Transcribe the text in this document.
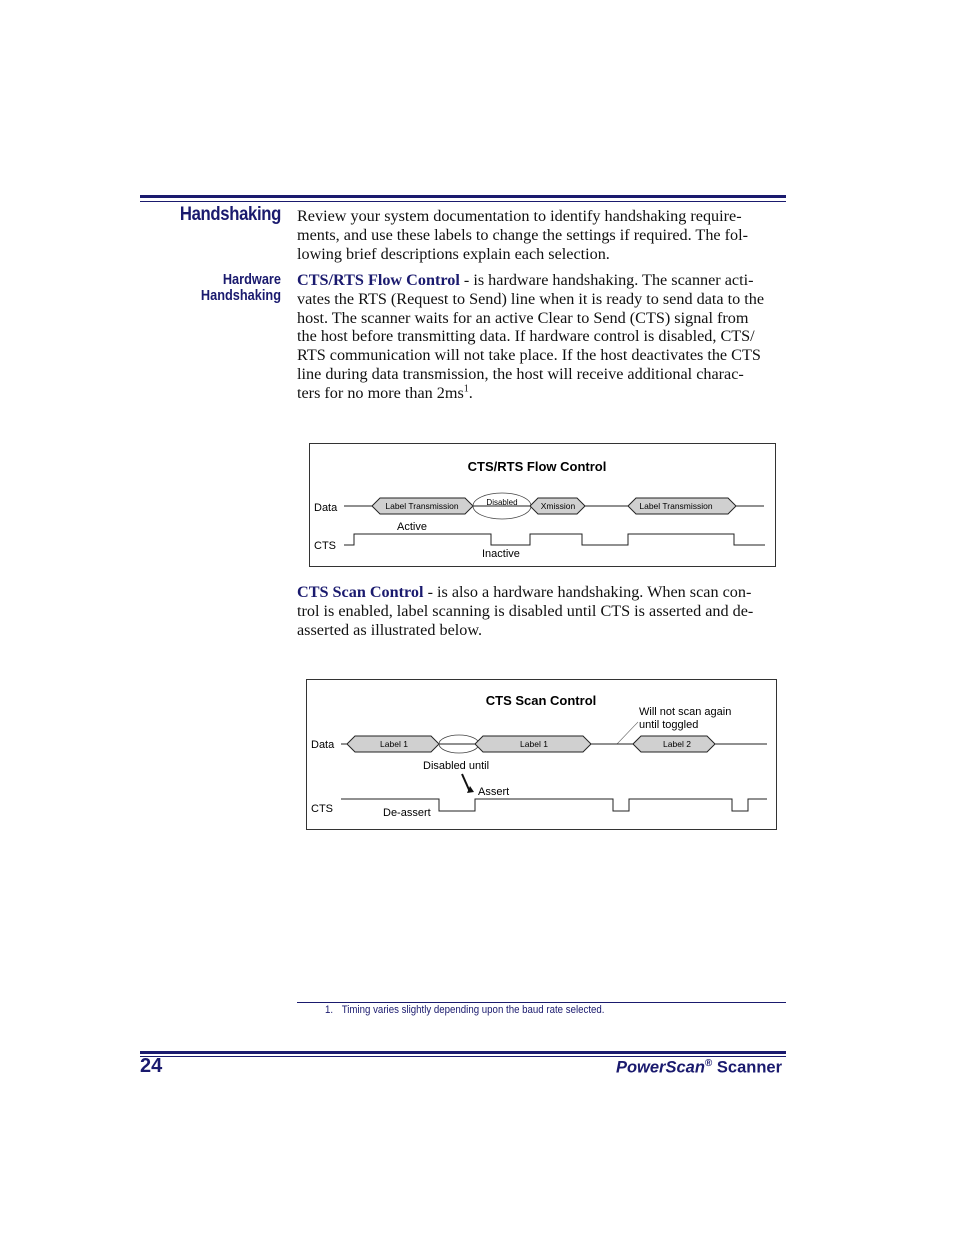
Handshaking Review your system documentation to identify handshaking require-
ments, and use these labels to change the settings if required. The fol-
lowing brief descriptions explain each selection.
Hardware
Handshaking
CTS/RTS Flow Control - is hardware handshaking. The scanner acti-
vates the RTS (Request to Send) line when it is ready to send data to the
host. The scanner waits for an active Clear to Send (CTS) signal from
the host before transmitting data. If hardware control is disabled, CTS/
RTS communication will not take place. If the host deactivates the CTS
line during data transmission, the host will receive additional charac-
ters for no more than $2ms^1$.
CTS/RTS Flow Control
Data
CTS
Label Transmission	Disabled	Xmission	Label Transmission
Active
Inactive
CTS Scan Control - is also a hardware handshaking. When scan con-
trol is enabled, label scanning is disabled until CTS is asserted and de-
asserted as illustrated below.
CTS Scan Control
Data
CTS
Will not scan again
until toggled
Label 1	Label 1	Label 2
Disabled until
Assert
De-assert
1. Timing varies slightly depending upon the baud rate selected.
24	PowerScan® Scanner
